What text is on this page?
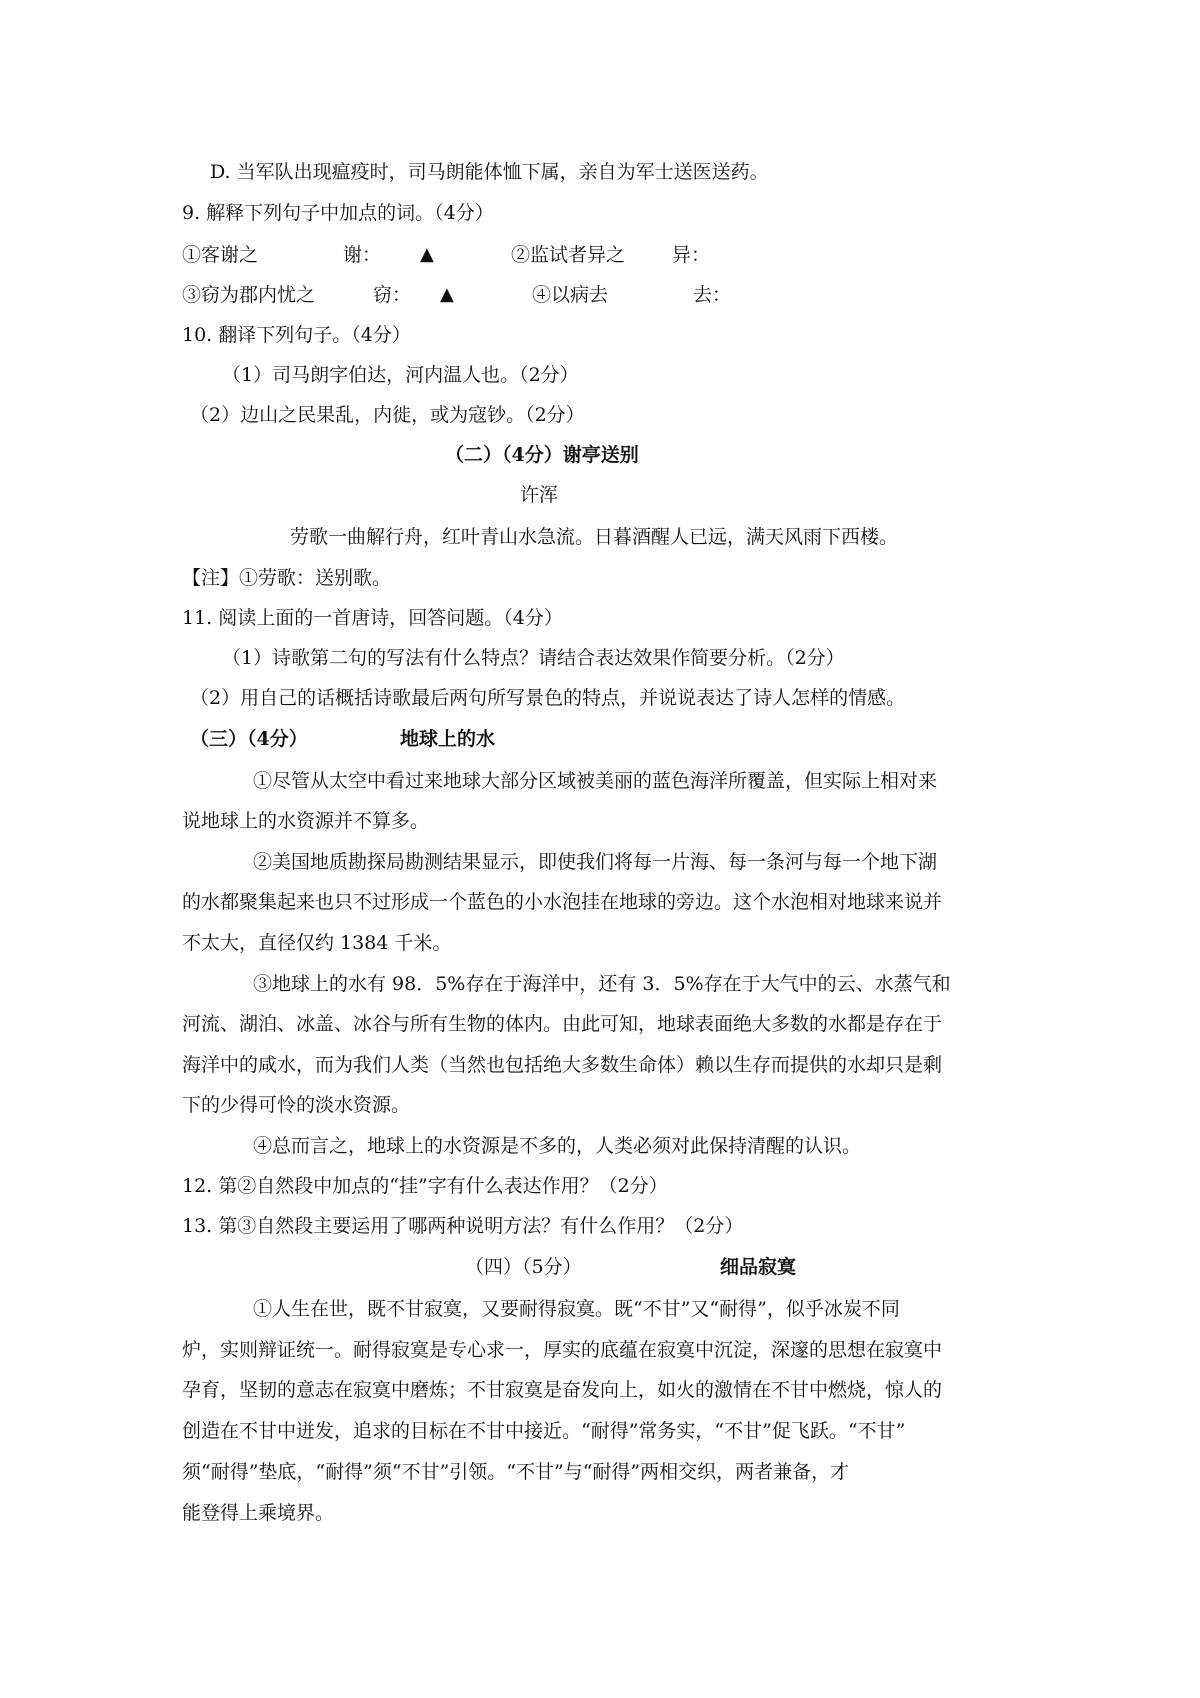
D. 当军队出现瘟疫时，司马朗能体恤下属，亲自为军士送医送药。
9. 解释下列句子中加点的词。（4分）
①客谢之	谢： ▲	②监试者异之 异：
③窃为郡内忧之	窃： ▲	④以病去	去：
10. 翻译下列句子。（4分）
（1）司马朗字伯达，河内温人也。（2分）
（2）边山之民果乱，内徙，或为寇钞。（2分）
（二）（4分）谢亭送别
许浑
劳歌一曲解行舟，红叶青山水急流。日暮酒醒人已远，满天风雨下西楼。
【注】①劳歌：送别歌。
11. 阅读上面的一首唐诗，回答问题。（4分）
（1）诗歌第二句的写法有什么特点？请结合表达效果作简要分析。（2分）
（2）用自己的话概括诗歌最后两句所写景色的特点，并说说表达了诗人怎样的情感。
（三）（4分）	地球上的水
①尽管从太空中看过来地球大部分区域被美丽的蓝色海洋所覆盖，但实际上相对来
说地球上的水资源并不算多。
②美国地质勘探局勘测结果显示，即使我们将每一片海、每一条河与每一个地下湖
的水都聚集起来也只不过形成一个蓝色的小水泡挂在地球的旁边。这个水泡相对地球来说并
不太大，直径仅约 1384 千米。
③地球上的水有 98．5%存在于海洋中，还有 3．5%存在于大气中的云、水蒸气和
河流、湖泊、冰盖、冰谷与所有生物的体内。由此可知，地球表面绝大多数的水都是存在于
海洋中的咸水，而为我们人类（当然也包括绝大多数生命体）赖以生存而提供的水却只是剩
下的少得可怜的淡水资源。
④总而言之，地球上的水资源是不多的，人类必须对此保持清醒的认识。
12. 第②自然段中加点的“挂”字有什么表达作用？（2分）
13. 第③自然段主要运用了哪两种说明方法？有什么作用？（2分）
（四）（5分）	细品寂寞
①人生在世，既不甘寂寞，又要耐得寂寞。既“不甘”又“耐得”，似乎冰炭不同
炉，实则辩证统一。耐得寂寞是专心求一，厚实的底蕴在寂寞中沉淀，深邃的思想在寂寞中
孕育，坚韧的意志在寂寞中磨炼；不甘寂寞是奋发向上，如火的激情在不甘中燃烧，惊人的
创造在不甘中迸发，追求的目标在不甘中接近。“耐得”常务实，“不甘”促飞跃。“不甘”
须“耐得”垫底，“耐得”须“不甘”引领。“不甘”与“耐得”两相交织，两者兼备，才
能登得上乘境界。
